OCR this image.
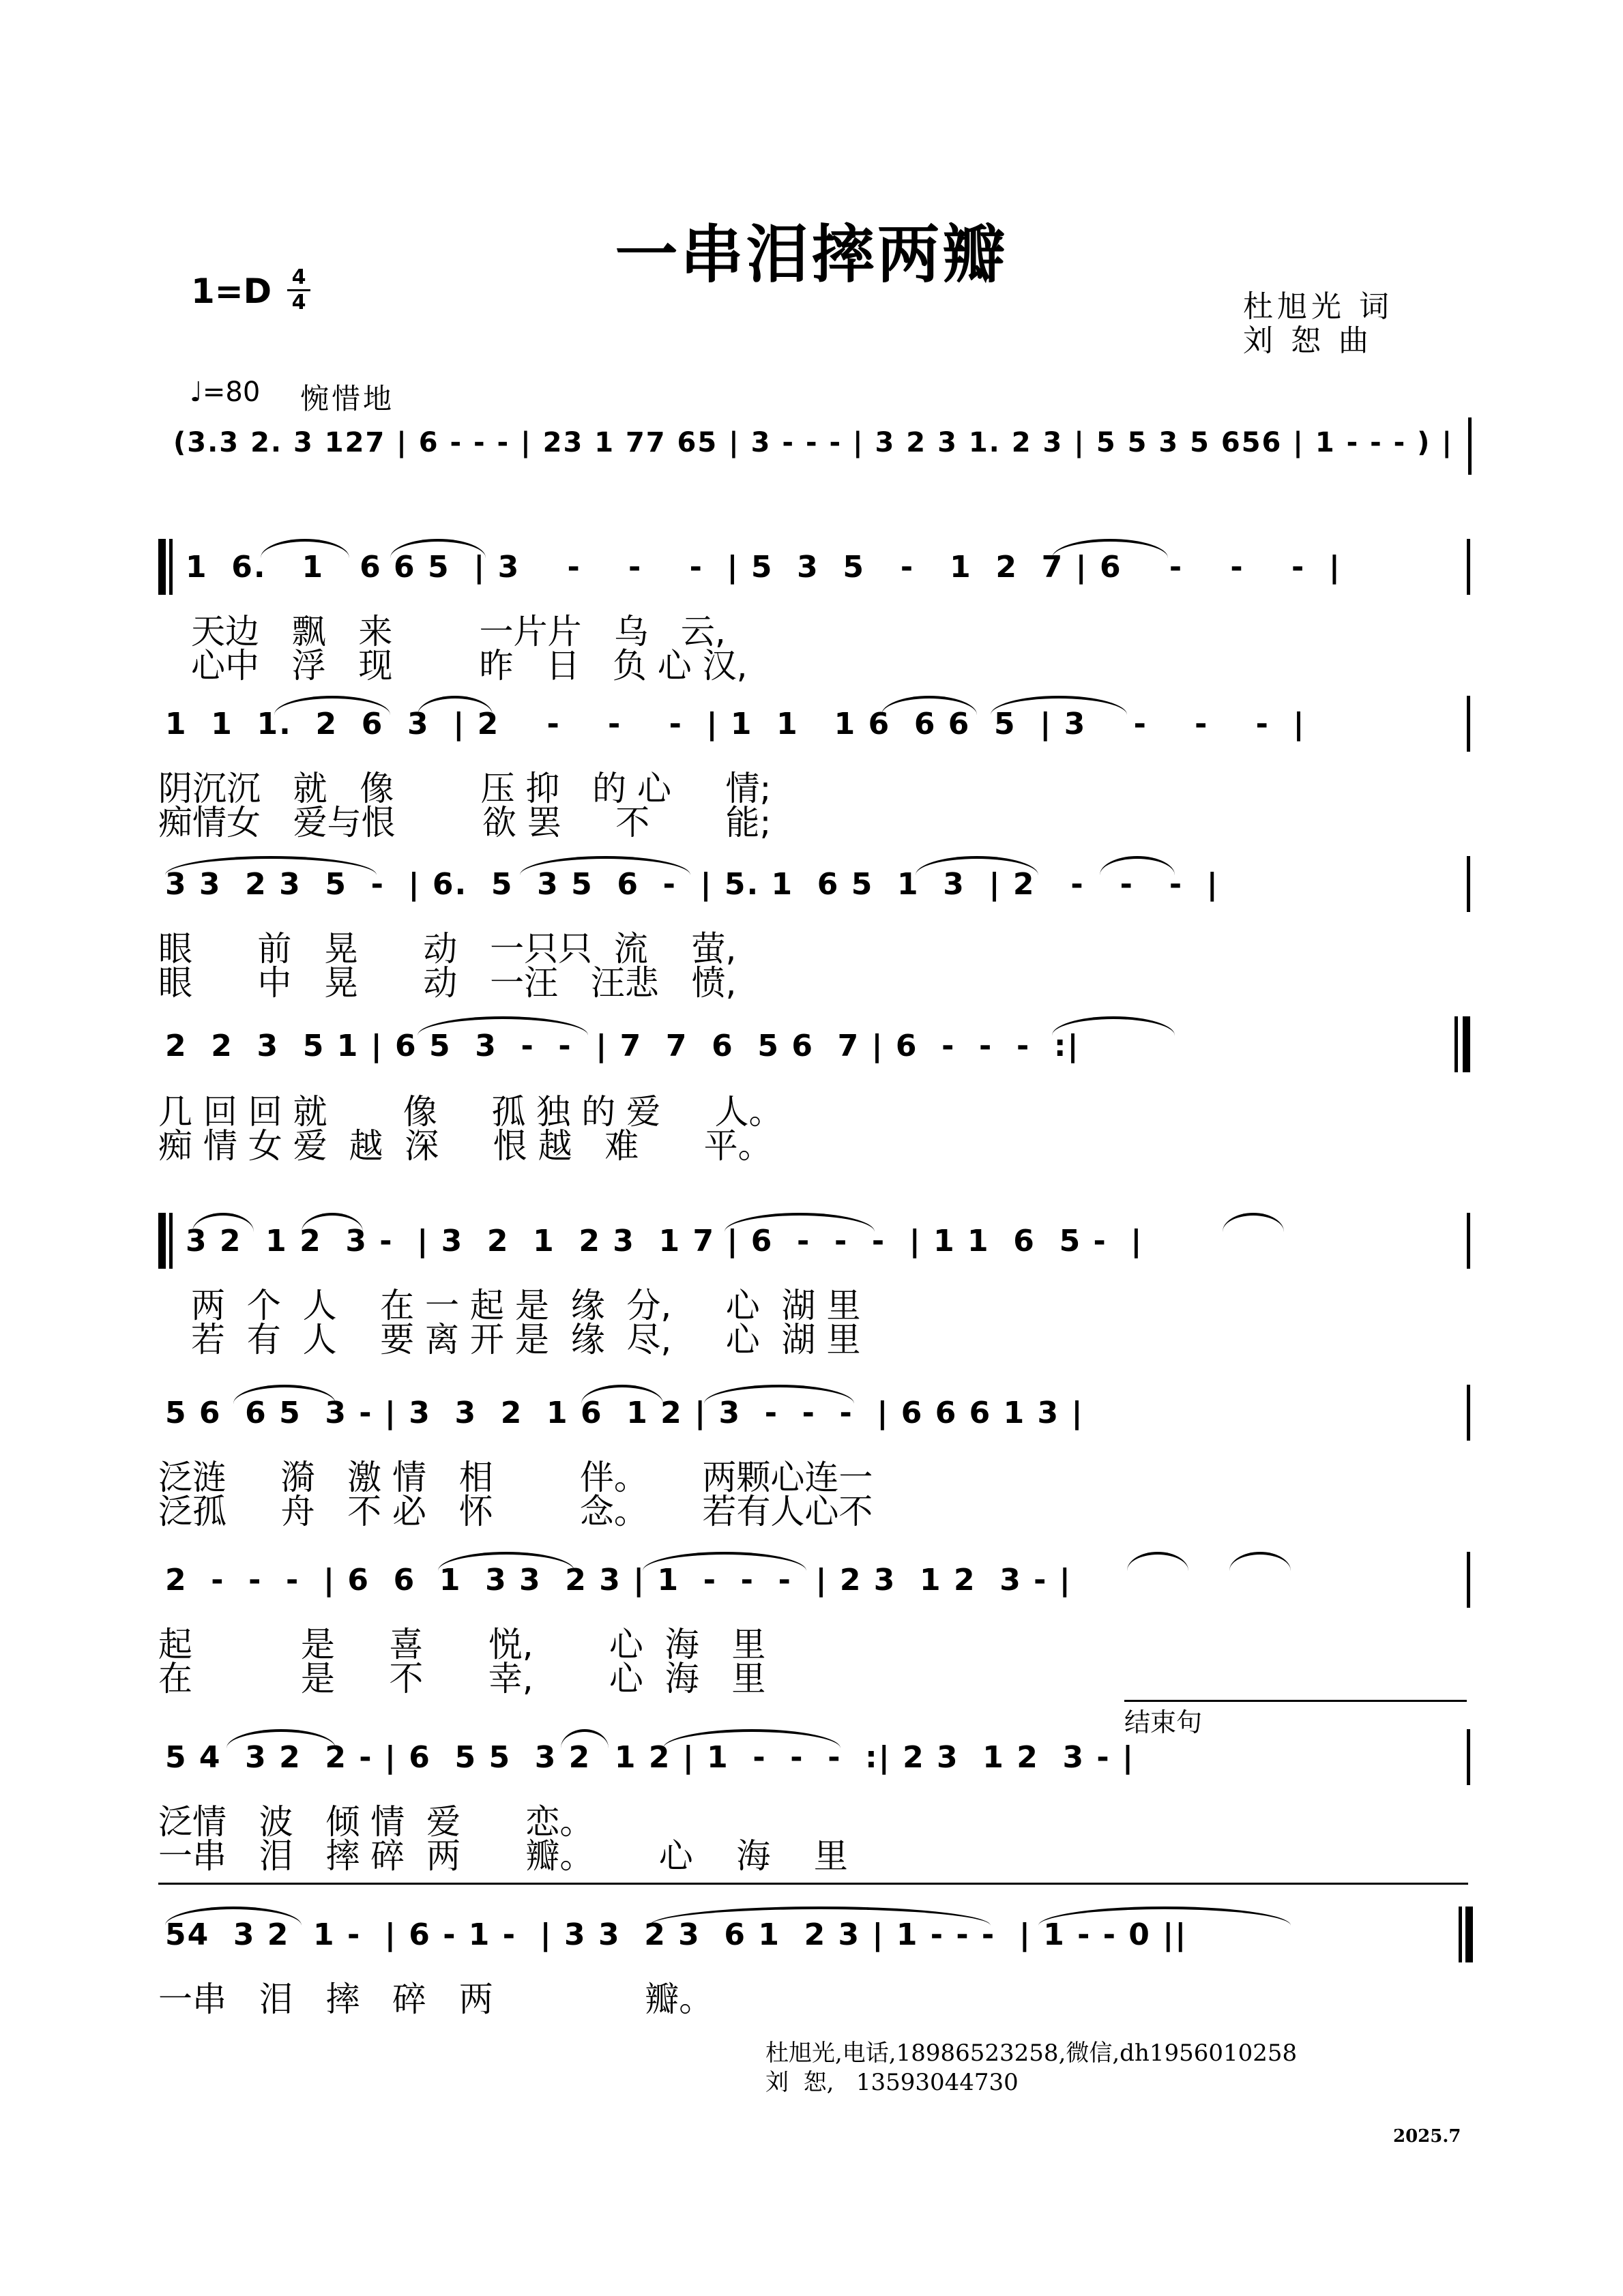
一串泪摔两瓣
1=D 4
4	杜旭光 词
刘 恕 曲
♩=80 惋惜地
(3.3 2. 3 127 | 6 - - - | 23 1 77 65 | 3 - - - | 3 2 3 1. 2 3 | 5 5 3 5 656 | 1 - - - ) |
1  6.   1   6 6 5  | 3    -    -    -  | 5  3  5   -   1  2  7 | 6    -    -    -  |
天边   飘   来        一片片   乌   云,
心中   浮   现        昨   日   负 心 汉,
1  1  1.  2  6  3  | 2    -    -    -  | 1  1   1 6  6 6  5  | 3    -    -    -  |
阴沉沉   就   像        压 抑   的 心     情;
痴情女   爱与恨        欲 罢     不       能;
3 3  2 3  5  -  | 6.  5  3 5  6  -  | 5. 1  6 5  1  3  | 2   -   -   -  |
眼      前   晃      动   一只只  流    萤,
眼      中   晃      动   一汪   汪悲   愤,
2  2  3  5 1 | 6 5  3  -  -  | 7  7  6  5 6  7 | 6  -  -  -  :|
几 回 回 就       像     孤 独 的 爱     人。
痴 情 女 爱  越  深     恨 越   难      平。
3 2  1 2  3 -  | 3  2  1  2 3  1 7 | 6  -  -  -  | 1 1  6  5 -  |
两  个  人    在 一 起 是  缘  分,     心  湖 里
若  有  人    要 离 开 是  缘  尽,     心  湖 里
5 6  6 5  3 - | 3  3  2  1 6  1 2 | 3  -  -  -  | 6 6 6 1 3 |
泛涟     漪   激 情   相        伴。     两颗心连一
泛孤     舟   不 必   怀        念。     若有人心不
2  -  -  -  | 6  6  1  3 3  2 3 | 1  -  -  -  | 2 3  1 2  3 - |
起          是     喜      悦,       心  海   里
在          是     不      幸,       心  海   里
结束句
5 4  3 2  2 - | 6  5 5  3 2  1 2 | 1  -  -  -  :| 2 3  1 2  3 - |
泛情   波   倾 情  爱      恋。
一串   泪   摔 碎  两      瓣。      心    海    里
54  3 2  1 -  | 6 - 1 -  | 3 3  2 3  6 1  2 3 | 1 - - -  | 1 - - 0 ||
一串   泪   摔   碎   两              瓣。
杜旭光,电话,18986523258,微信,dh1956010258
刘  恕,   13593044730
2025.7
